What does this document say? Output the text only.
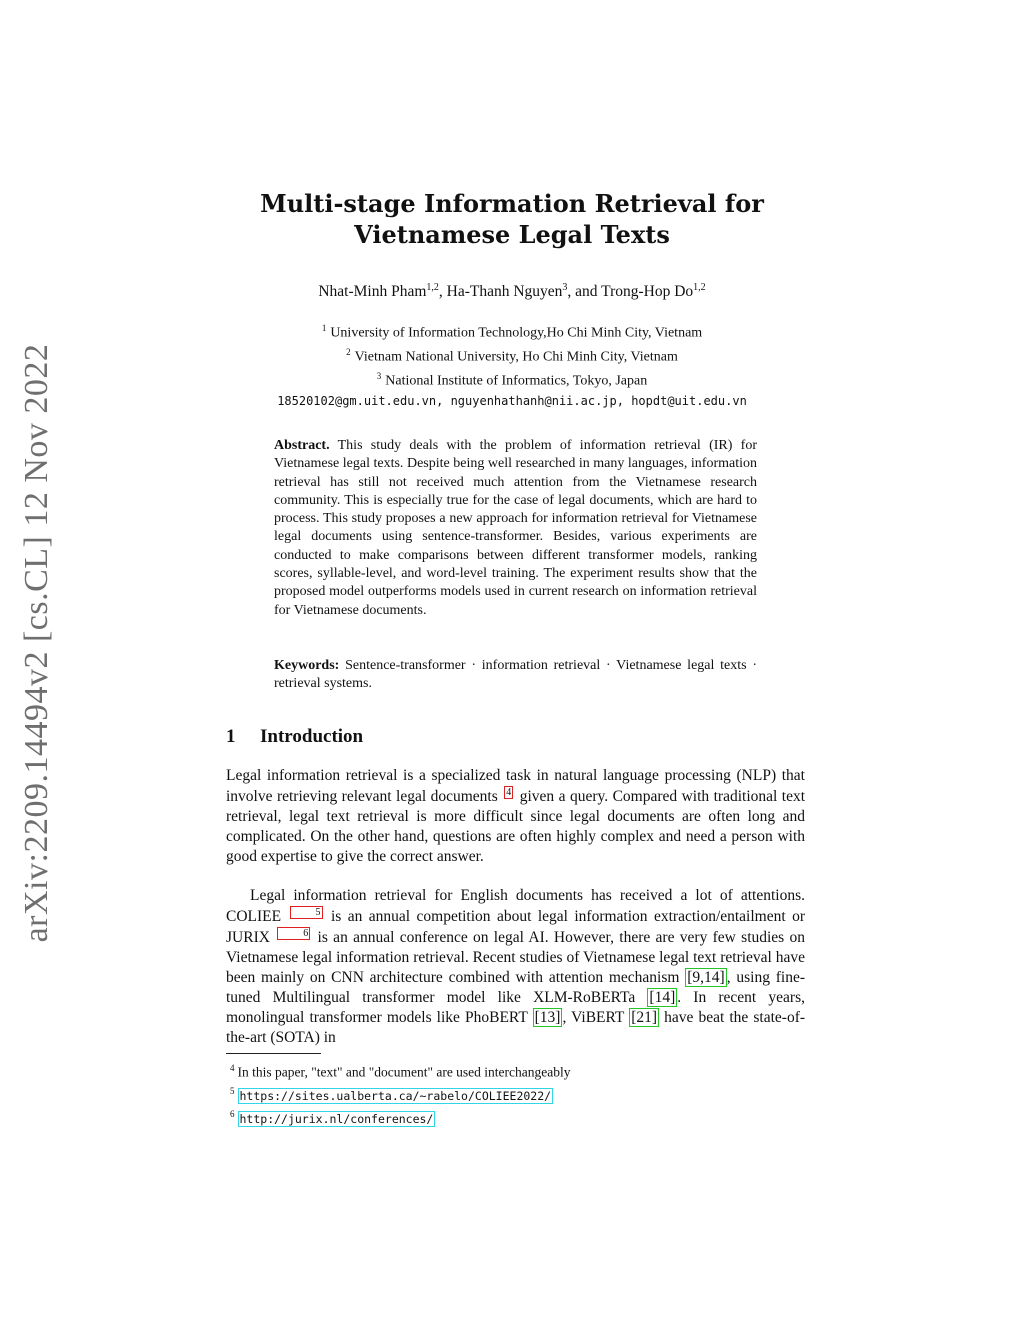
arXiv:2209.14494v2 [cs.CL] 12 Nov 2022
Multi-stage Information Retrieval for
Vietnamese Legal Texts
Nhat-Minh Pham$^{1,2}$, Ha-Thanh Nguyen$^3$, and Trong-Hop Do$^{1,2}$
$^1$ University of Information Technology,Ho Chi Minh City, Vietnam
$^2$ Vietnam National University, Ho Chi Minh City, Vietnam
$^3$ National Institute of Informatics, Tokyo, Japan
18520102@gm.uit.edu.vn, nguyenhathanh@nii.ac.jp, hopdt@uit.edu.vn
Abstract. This study deals with the problem of information retrieval (IR) for Vietnamese legal texts. Despite being well researched in many languages, information retrieval has still not received much attention from the Vietnamese research community. This is especially true for the case of legal documents, which are hard to process. This study proposes a new approach for information retrieval for Vietnamese legal documents using sentence-transformer. Besides, various experiments are conducted to make comparisons between different transformer models, ranking scores, syllable-level, and word-level training. The experiment results show that the proposed model outperforms models used in current research on information retrieval for Vietnamese documents.
Keywords: Sentence-transformer · information retrieval · Vietnamese legal texts · retrieval systems.
1 Introduction
Legal information retrieval is a specialized task in natural language processing (NLP) that involve retrieving relevant legal documents 4 given a query. Compared with traditional text retrieval, legal text retrieval is more difficult since legal documents are often long and complicated. On the other hand, questions are often highly complex and need a person with good expertise to give the correct answer.
Legal information retrieval for English documents has received a lot of attentions. COLIEE	5 is an annual competition about legal information extraction/entailment or JURIX	6 is an annual conference on legal AI. However, there are very few studies on Vietnamese legal information retrieval. Recent studies of Vietnamese legal text retrieval have been mainly on CNN architecture combined with attention mechanism [9,14] , using fine-tuned Multilingual transformer model like XLM-RoBERTa [14] . In recent years, monolingual transformer models like PhoBERT [13] , ViBERT [21] have beat the state-of-the-art (SOTA) in
$^4$ In this paper, "text" and "document" are used interchangeably
$^5$ https://sites.ualberta.ca/~rabelo/COLIEE2022/
$^6$ http://jurix.nl/conferences/
